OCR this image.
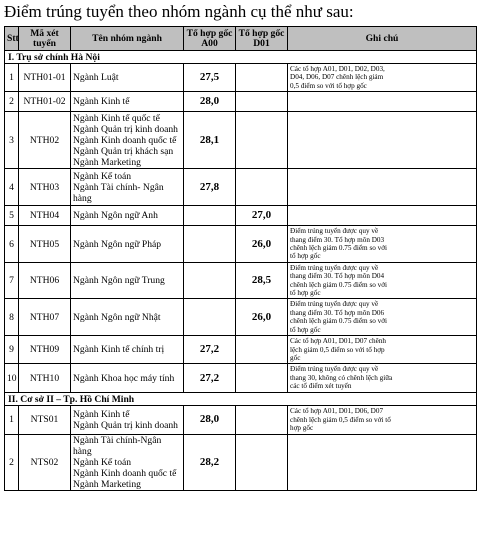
Điểm trúng tuyển theo nhóm ngành cụ thể như sau:
Stt	Mã xét tuyển	Tên nhóm ngành	Tổ hợp gốc A00	Tổ hợp gốc D01	Ghi chú
I. Trụ sở chính Hà Nội					
1	NTH01-01	Ngành Luật	27,5		Các tổ hợp A01, D01, D02, D03,
D04, D06, D07 chênh lệch giảm
0,5 điểm so với tổ hợp gốc

2	NTH01-02	Ngành Kinh tế	28,0		
3	NTH02	Ngành Kinh tế quốc tế
Ngành Quản trị kinh doanh
Ngành Kinh doanh quốc tế
Ngành Quản trị khách sạn
Ngành Marketing	28,1		
4	NTH03	Ngành Kế toán
Ngành Tài chính- Ngân
hàng	27,8		
5	NTH04	Ngành Ngôn ngữ Anh		27,0	
6	NTH05	Ngành Ngôn ngữ Pháp		26,0	Điểm trúng tuyển được quy về
thang điểm 30. Tổ hợp môn D03
chênh lệch giảm 0.75 điểm so với
tổ hợp gốc

7	NTH06	Ngành Ngôn ngữ Trung		28,5	Điểm trúng tuyển được quy về
thang điểm 30. Tổ hợp môn D04
chênh lệch giảm 0.75 điểm so với
tổ hợp gốc

8	NTH07	Ngành Ngôn ngữ Nhật		26,0	Điểm trúng tuyển được quy về
thang điểm 30. Tổ hợp môn D06
chênh lệch giảm 0.75 điểm so với
tổ hợp gốc

9	NTH09	Ngành Kinh tế chính trị	27,2		Các tổ hợp A01, D01, D07 chênh
lệch giảm 0,5 điểm so với tổ hợp
gốc

10	NTH10	Ngành Khoa học máy tính	27,2		Điểm trúng tuyển được quy về
thang 30, không có chênh lệch giữa
các tổ điểm xét tuyển

II. Cơ sở II – Tp. Hồ Chí Minh					
1	NTS01	Ngành Kinh tế
Ngành Quản trị kinh doanh	28,0		Các tổ hợp A01, D01, D06, D07
chênh lệch giảm 0,5 điểm so với tổ
hợp gốc

2	NTS02	Ngành Tài chính-Ngân
hàng
Ngành Kế toán
Ngành Kinh doanh quốc tế
Ngành Marketing	28,2		
